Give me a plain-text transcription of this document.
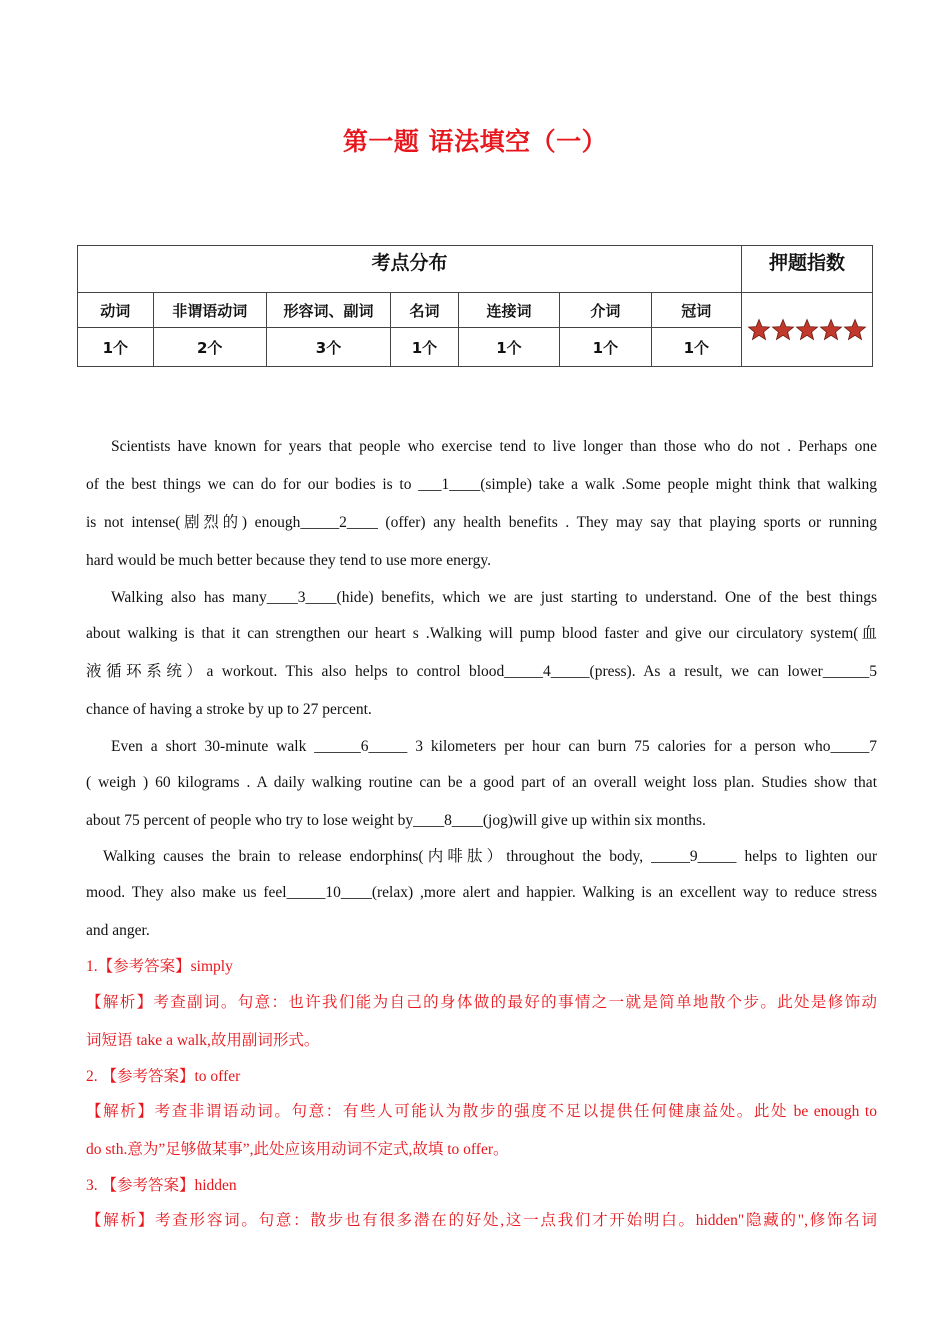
第一题 语法填空（一）
考点分布							押题指数
动词	非谓语动词	形容词、副词	名词	连接词	介词	冠词	

1个	2个	3个	1个	1个	1个	1个	
Scientists have known for years that people who exercise tend to live longer than those who do not . Perhaps one
of the best things we can do for our bodies is to ___1____(simple) take a walk .Some people might think that walking
is not intense(剧烈的) enough_____2____ (offer) any health benefits . They may say that playing sports or running
hard would be much better because they tend to use more energy.
Walking also has many____3____(hide) benefits, which we are just starting to understand. One of the best things
about walking is that it can strengthen our heart s .Walking will pump blood faster and give our circulatory system(血
液循环系统）a workout. This also helps to control blood_____4_____(press). As a result, we can lower______5
chance of having a stroke by up to 27 percent.
Even a short 30-minute walk ______6_____ 3 kilometers per hour can burn 75 calories for a person who_____7
( weigh ) 60 kilograms . A daily walking routine can be a good part of an overall weight loss plan. Studies show that
about 75 percent of people who try to lose weight by____8____(jog)will give up within six months.
Walking causes the brain to release endorphins(内啡肽）throughout the body, _____9_____ helps to lighten our
mood. They also make us feel_____10____(relax) ,more alert and happier. Walking is an excellent way to reduce stress
and anger.
1.【参考答案】simply
【解析】考查副词。句意：也许我们能为自己的身体做的最好的事情之一就是简单地散个步。此处是修饰动
词短语 take a walk,故用副词形式。
2. 【参考答案】to offer
【解析】考查非谓语动词。句意：有些人可能认为散步的强度不足以提供任何健康益处。此处 be enough to
do sth.意为”足够做某事”,此处应该用动词不定式,故填 to offer。
3. 【参考答案】hidden
【解析】考查形容词。句意：散步也有很多潜在的好处,这一点我们才开始明白。hidden"隐藏的",修饰名词
